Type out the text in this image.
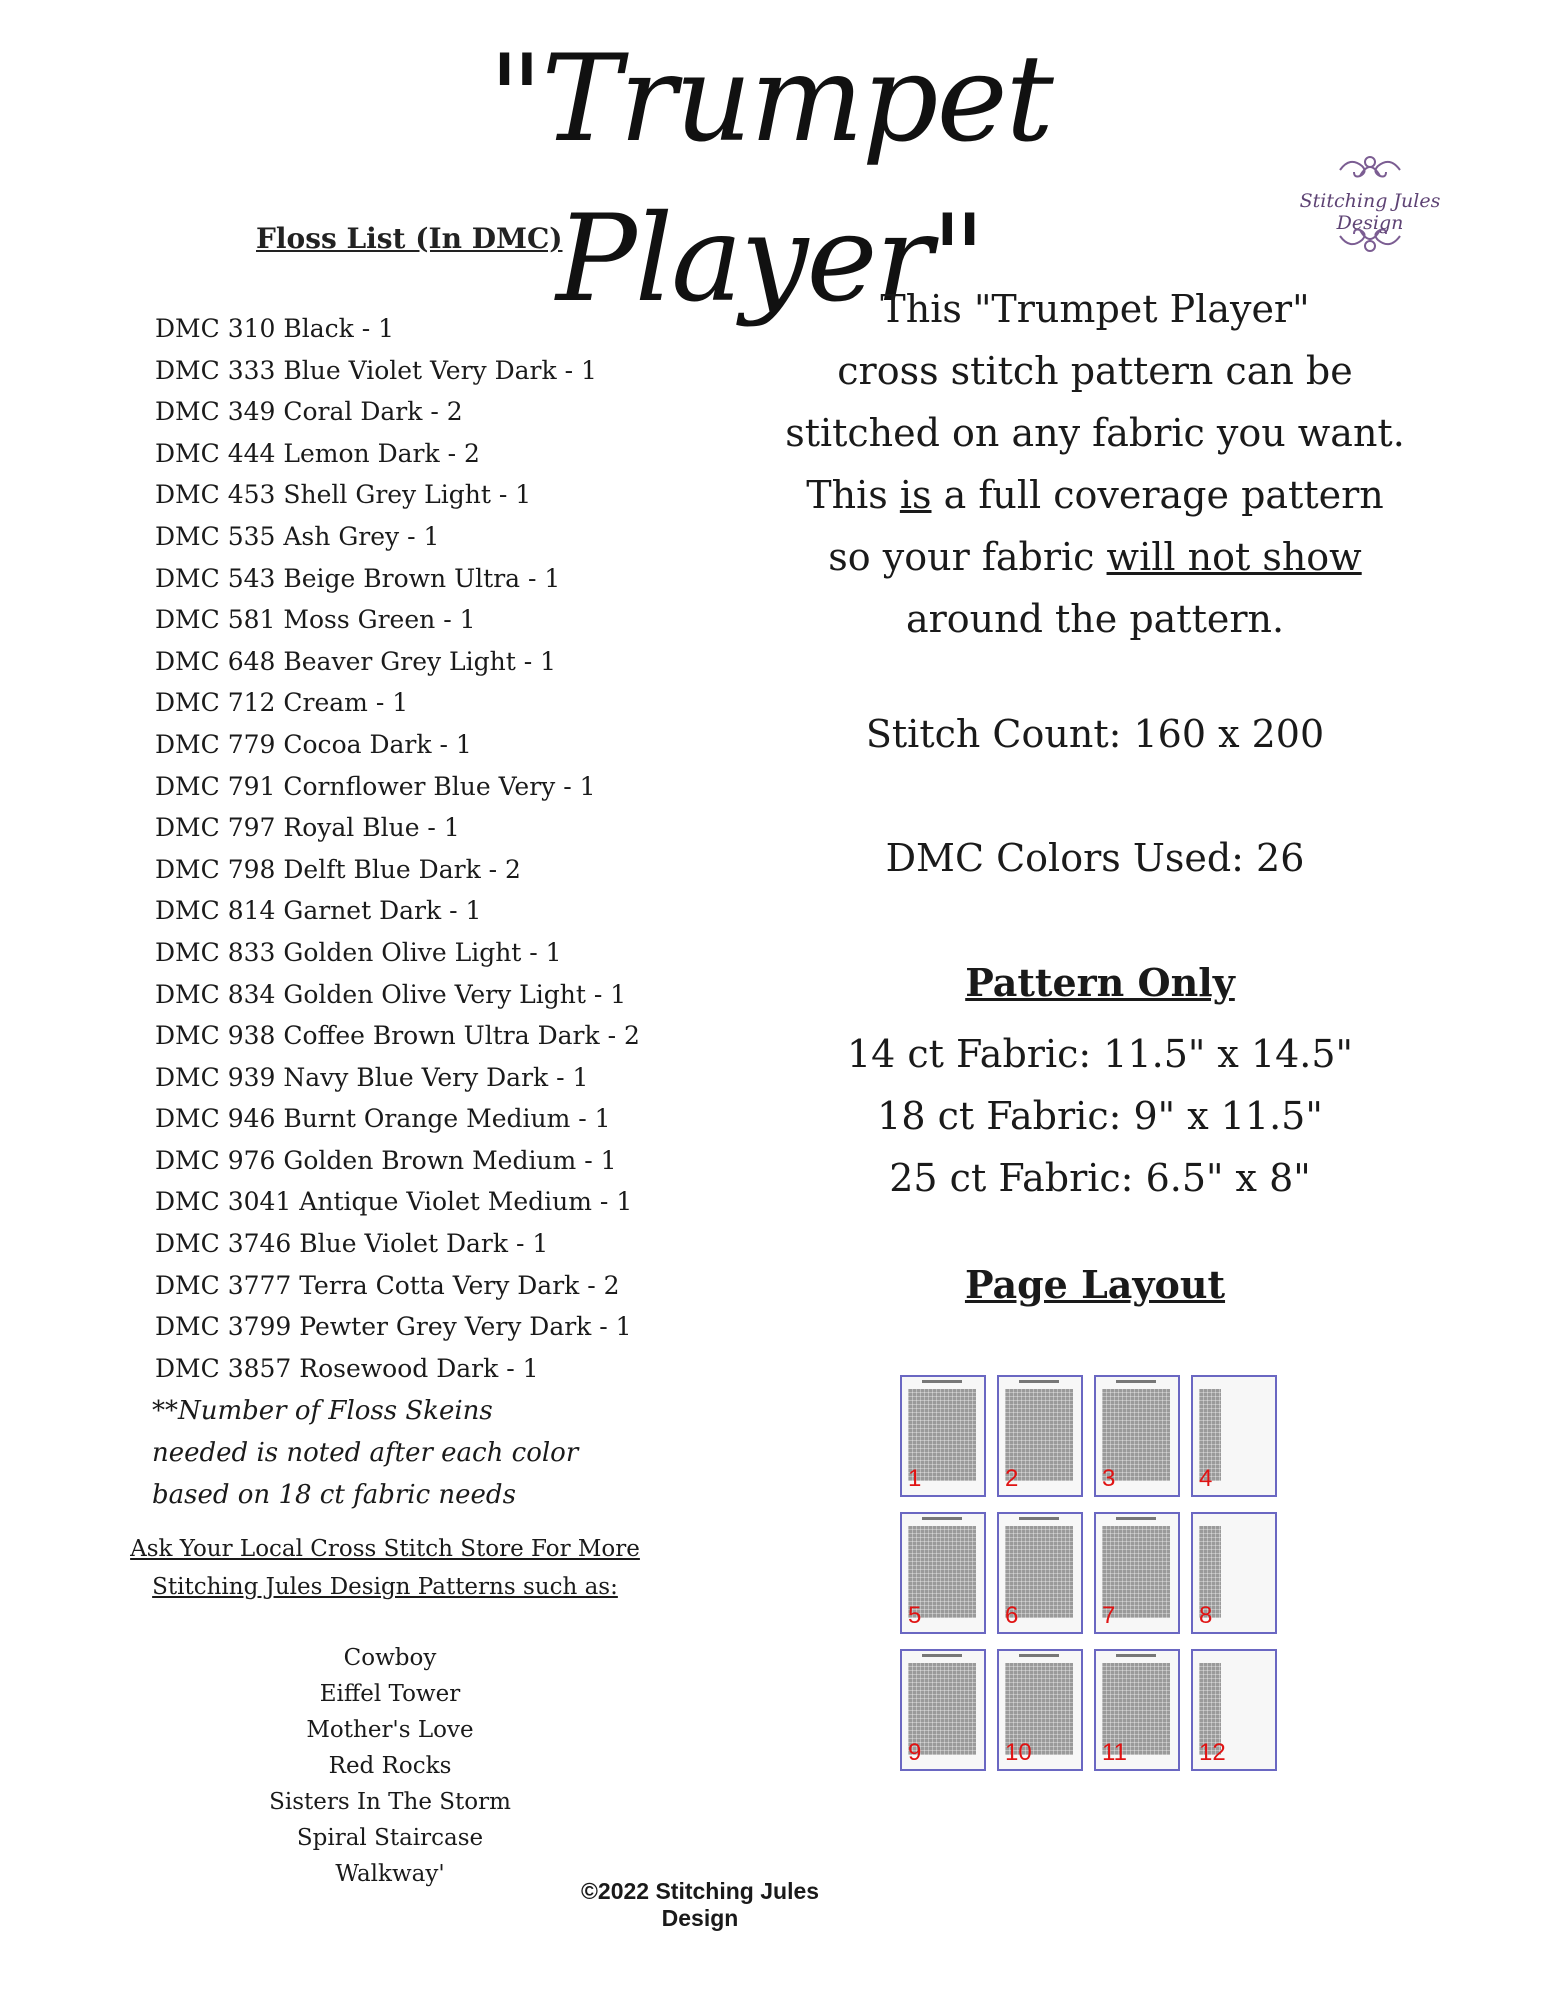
"Trumpet Player"	Stitching Jules Design
Floss List (In DMC)
DMC 310 Black - 1
DMC 333 Blue Violet Very Dark - 1
DMC 349 Coral Dark - 2
DMC 444 Lemon Dark - 2
DMC 453 Shell Grey Light - 1
DMC 535 Ash Grey - 1
DMC 543 Beige Brown Ultra - 1
DMC 581 Moss Green - 1
DMC 648 Beaver Grey Light - 1
DMC 712 Cream - 1
DMC 779 Cocoa Dark - 1
DMC 791 Cornflower Blue Very - 1
DMC 797 Royal Blue - 1
DMC 798 Delft Blue Dark - 2
DMC 814 Garnet Dark - 1
DMC 833 Golden Olive Light - 1
DMC 834 Golden Olive Very Light - 1
DMC 938 Coffee Brown Ultra Dark - 2
DMC 939 Navy Blue Very Dark - 1
DMC 946 Burnt Orange Medium - 1
DMC 976 Golden Brown Medium - 1
DMC 3041 Antique Violet Medium - 1
DMC 3746 Blue Violet Dark - 1
DMC 3777 Terra Cotta Very Dark - 2
DMC 3799 Pewter Grey Very Dark - 1
DMC 3857 Rosewood Dark - 1
**Number of Floss Skeins needed is noted after each color based on 18 ct fabric needs
Ask Your Local Cross Stitch Store For More
Stitching Jules Design Patterns such as:
Cowboy
Eiffel Tower
Mother's Love
Red Rocks
Sisters In The Storm
Spiral Staircase
Walkway'
This "Trumpet Player"
cross stitch pattern can be
stitched on any fabric you want.
This is a full coverage pattern
so your fabric will not show
around the pattern.
Stitch Count: 160 x 200
DMC Colors Used: 26
Pattern Only
14 ct Fabric: 11.5" x 14.5"
18 ct Fabric: 9" x 11.5"
25 ct Fabric: 6.5" x 8"
Page Layout
1	2	3	4
5	6	7	8
9	10	11	12
©2022 Stitching Jules Design
